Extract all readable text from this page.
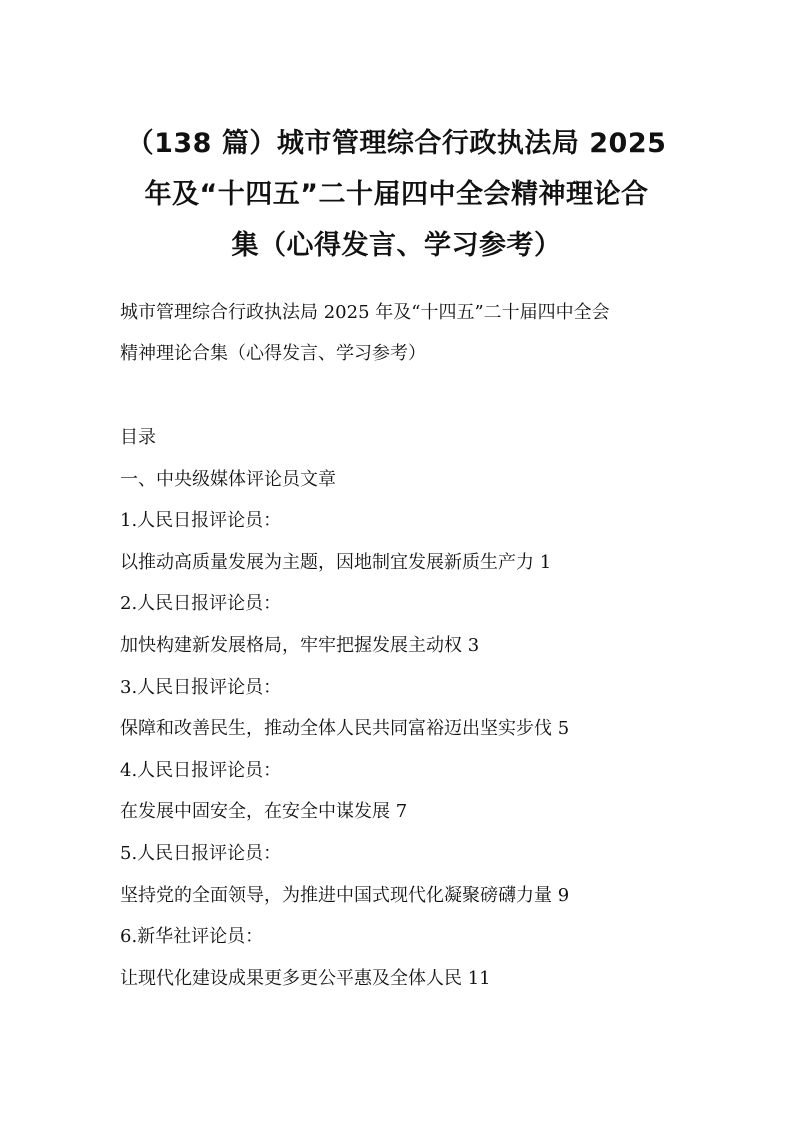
（138 篇）城市管理综合行政执法局 2025
年及“十四五”二十届四中全会精神理论合
集（心得发言、学习参考）
城市管理综合行政执法局 2025 年及“十四五”二十届四中全会
精神理论合集（心得发言、学习参考）
目录
一、中央级媒体评论员文章
1.人民日报评论员：
以推动高质量发展为主题，因地制宜发展新质生产力 1
2.人民日报评论员：
加快构建新发展格局，牢牢把握发展主动权 3
3.人民日报评论员：
保障和改善民生，推动全体人民共同富裕迈出坚实步伐 5
4.人民日报评论员：
在发展中固安全，在安全中谋发展 7
5.人民日报评论员：
坚持党的全面领导，为推进中国式现代化凝聚磅礴力量 9
6.新华社评论员：
让现代化建设成果更多更公平惠及全体人民 11
